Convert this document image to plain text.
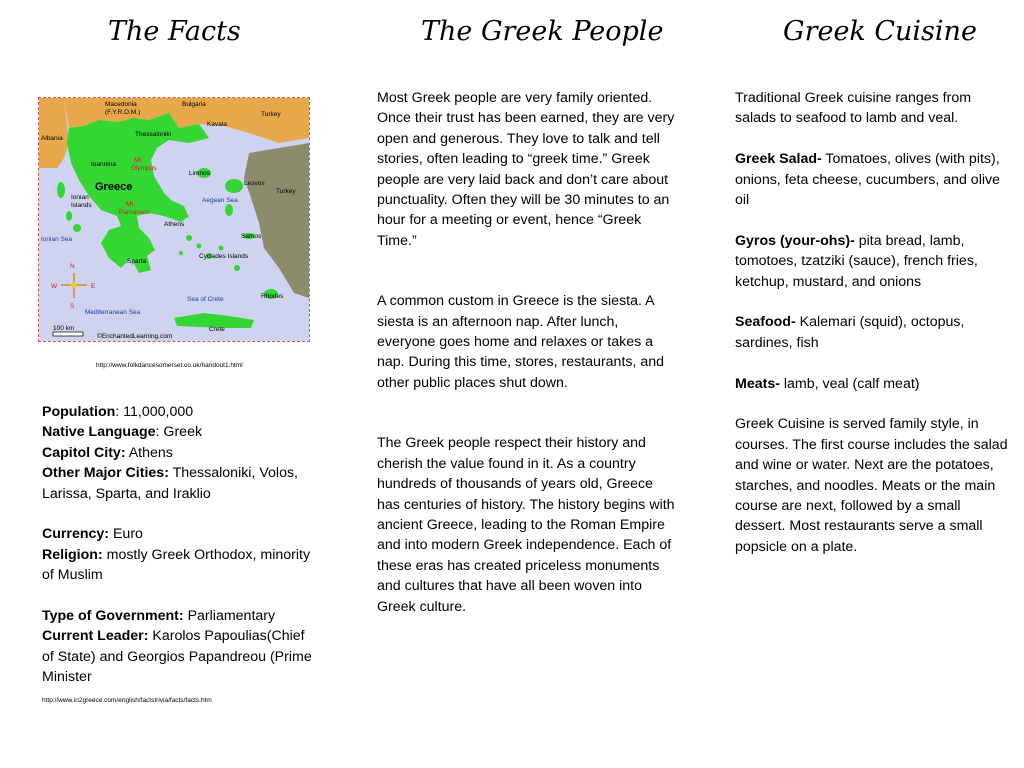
The Facts	The Greek People	Greek Cuisine
Macedonia
(F.Y.R.O.M.)
Bulgaria
Turkey
Albania
Kavala
Thessaloniki
Ioannina
Mt
Olympus
Limnos
Greece	Lesvos
Ionian
Islands
Aegean Sea
Turkey
Mt
Parnassos
Athens
Ionian Sea	Samos
Sparta
Cyclades Islands
N
W	E
S
Rhodes
Sea of Crete
Mediterranean Sea
Crete
100 km
©EnchantedLearning.com
http://www.folkdancesomerset.co.uk/handout1.html

Population: 11,000,000

Native Language: Greek

Capitol City: Athens

Other Major Cities: Thessaloniki, Volos, Larissa, Sparta, and Iraklio

Currency: Euro

Religion: mostly Greek Orthodox, minority of Muslim

Type of Government: Parliamentary

Current Leader: Karolos Papoulias(Chief of State) and Georgios Papandreou (Prime Minister

http://www.in2greece.com/english/factstrivia/facts/facts.htm

Most Greek people are very family oriented. Once their trust has been earned, they are very open and generous. They love to talk and tell stories, often leading to “greek time.” Greek people are very laid back and don’t care about punctuality. Often they will be 30 minutes to an hour for a meeting or event, hence “Greek Time.”

A common custom in Greece is the siesta. A siesta is an afternoon nap. After lunch, everyone goes home and relaxes or takes a nap. During this time, stores, restaurants, and other public places shut down.

The Greek people respect their history and cherish the value found in it. As a country hundreds of thousands of years old, Greece has centuries of history. The history begins with ancient Greece, leading to the Roman Empire and into modern Greek independence. Each of these eras has created priceless monuments and cultures that have all been woven into Greek culture.

Traditional Greek cuisine ranges from salads to seafood to lamb and veal.

Greek Salad- Tomatoes, olives (with pits), onions, feta cheese, cucumbers, and olive oil

Gyros (your-ohs)- pita bread, lamb, tomotoes, tzatziki (sauce), french fries, ketchup, mustard, and onions

Seafood- Kalemari (squid), octopus, sardines, fish

Meats- lamb, veal (calf meat)

Greek Cuisine is served family style, in courses. The first course includes the salad and wine or water. Next are the potatoes, starches, and noodles. Meats or the main course are next, followed by a small dessert. Most restaurants serve a small popsicle on a plate.
